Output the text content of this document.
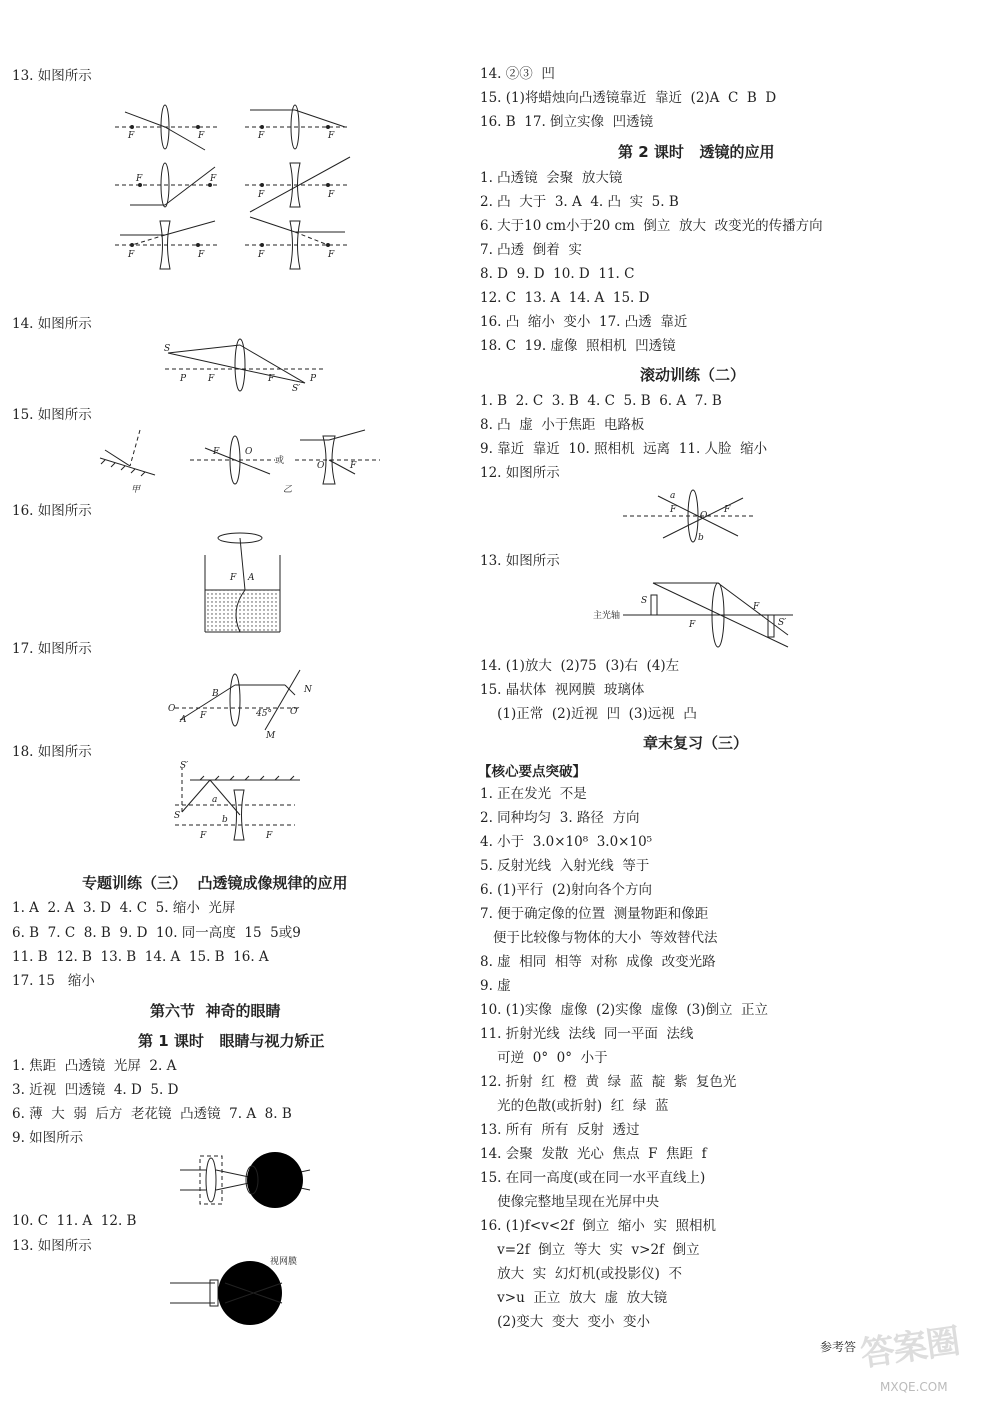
13. 如图所示
F	F	F	F
F	F
F	F
F	F	F	F
14. 如图所示
S
P F	F
S′
P
15. 如图所示
甲
F	O
或	O	F
乙
16. 如图所示
F A
17. 如图所示
O
A
B
F	45° O′
N
M
18. 如图所示
S′
S
a
b
F	F
专题训练（三）  凸透镜成像规律的应用
1. A  2. A  3. D  4. C  5. 缩小  光屏
6. B  7. C  8. B  9. D  10. 同一高度  15  5或9
11. B  12. B  13. B  14. A  15. B  16. A
17. 15   缩小
第六节  神奇的眼睛
第 1 课时   眼睛与视力矫正
1. 焦距  凸透镜  光屏  2. A
3. 近视  凹透镜  4. D  5. D
6. 薄  大  弱  后方  老花镜  凸透镜  7. A  8. B
9. 如图所示
10. C  11. A  12. B
13. 如图所示
视网膜
14. ②③  凹
15. (1)将蜡烛向凸透镜靠近  靠近  (2)A  C  B  D
16. B  17. 倒立实像  凹透镜
第 2 课时   透镜的应用
1. 凸透镜  会聚  放大镜
2. 凸  大于  3. A  4. 凸  实  5. B
6. 大于10 cm小于20 cm  倒立  放大  改变光的传播方向
7. 凸透  倒着  实
8. D  9. D  10. D  11. C
12. C  13. A  14. A  15. D
16. 凸  缩小  变小  17. 凸透  靠近
18. C  19. 虚像  照相机  凹透镜
滚动训练（二）
1. B  2. C  3. B  4. C  5. B  6. A  7. B
8. 凸  虚  小于焦距  电路板
9. 靠近  靠近  10. 照相机  远离  11. 人脸  缩小
12. 如图所示
a
F
O
F
b
13. 如图所示
主光轴
S
F
F
S′
14. (1)放大  (2)75  (3)右  (4)左
15. 晶状体  视网膜  玻璃体
(1)正常  (2)近视  凹  (3)远视  凸
章末复习（三）
【核心要点突破】
1. 正在发光  不是
2. 同种均匀  3. 路径  方向
4. 小于  3.0×10⁸  3.0×10⁵
5. 反射光线  入射光线  等于
6. (1)平行  (2)射向各个方向
7. 便于确定像的位置  测量物距和像距
便于比较像与物体的大小  等效替代法
8. 虚  相同  相等  对称  成像  改变光路
9. 虚
10. (1)实像  虚像  (2)实像  虚像  (3)倒立  正立
11. 折射光线  法线  同一平面  法线
可逆  0°  0°  小于
12. 折射  红  橙  黄  绿  蓝  靛  紫  复色光
光的色散(或折射)  红  绿  蓝
13. 所有  所有  反射  透过
14. 会聚  发散  光心  焦点  F  焦距  f
15. 在同一高度(或在同一水平直线上)
使像完整地呈现在光屏中央
16. (1)f<v<2f  倒立  缩小  实  照相机
v=2f  倒立  等大  实  v>2f  倒立
放大  实  幻灯机(或投影仪)  不
v>u  正立  放大  虚  放大镜
(2)变大  变大  变小  变小
参考答 答案圈
MXQE.COM
